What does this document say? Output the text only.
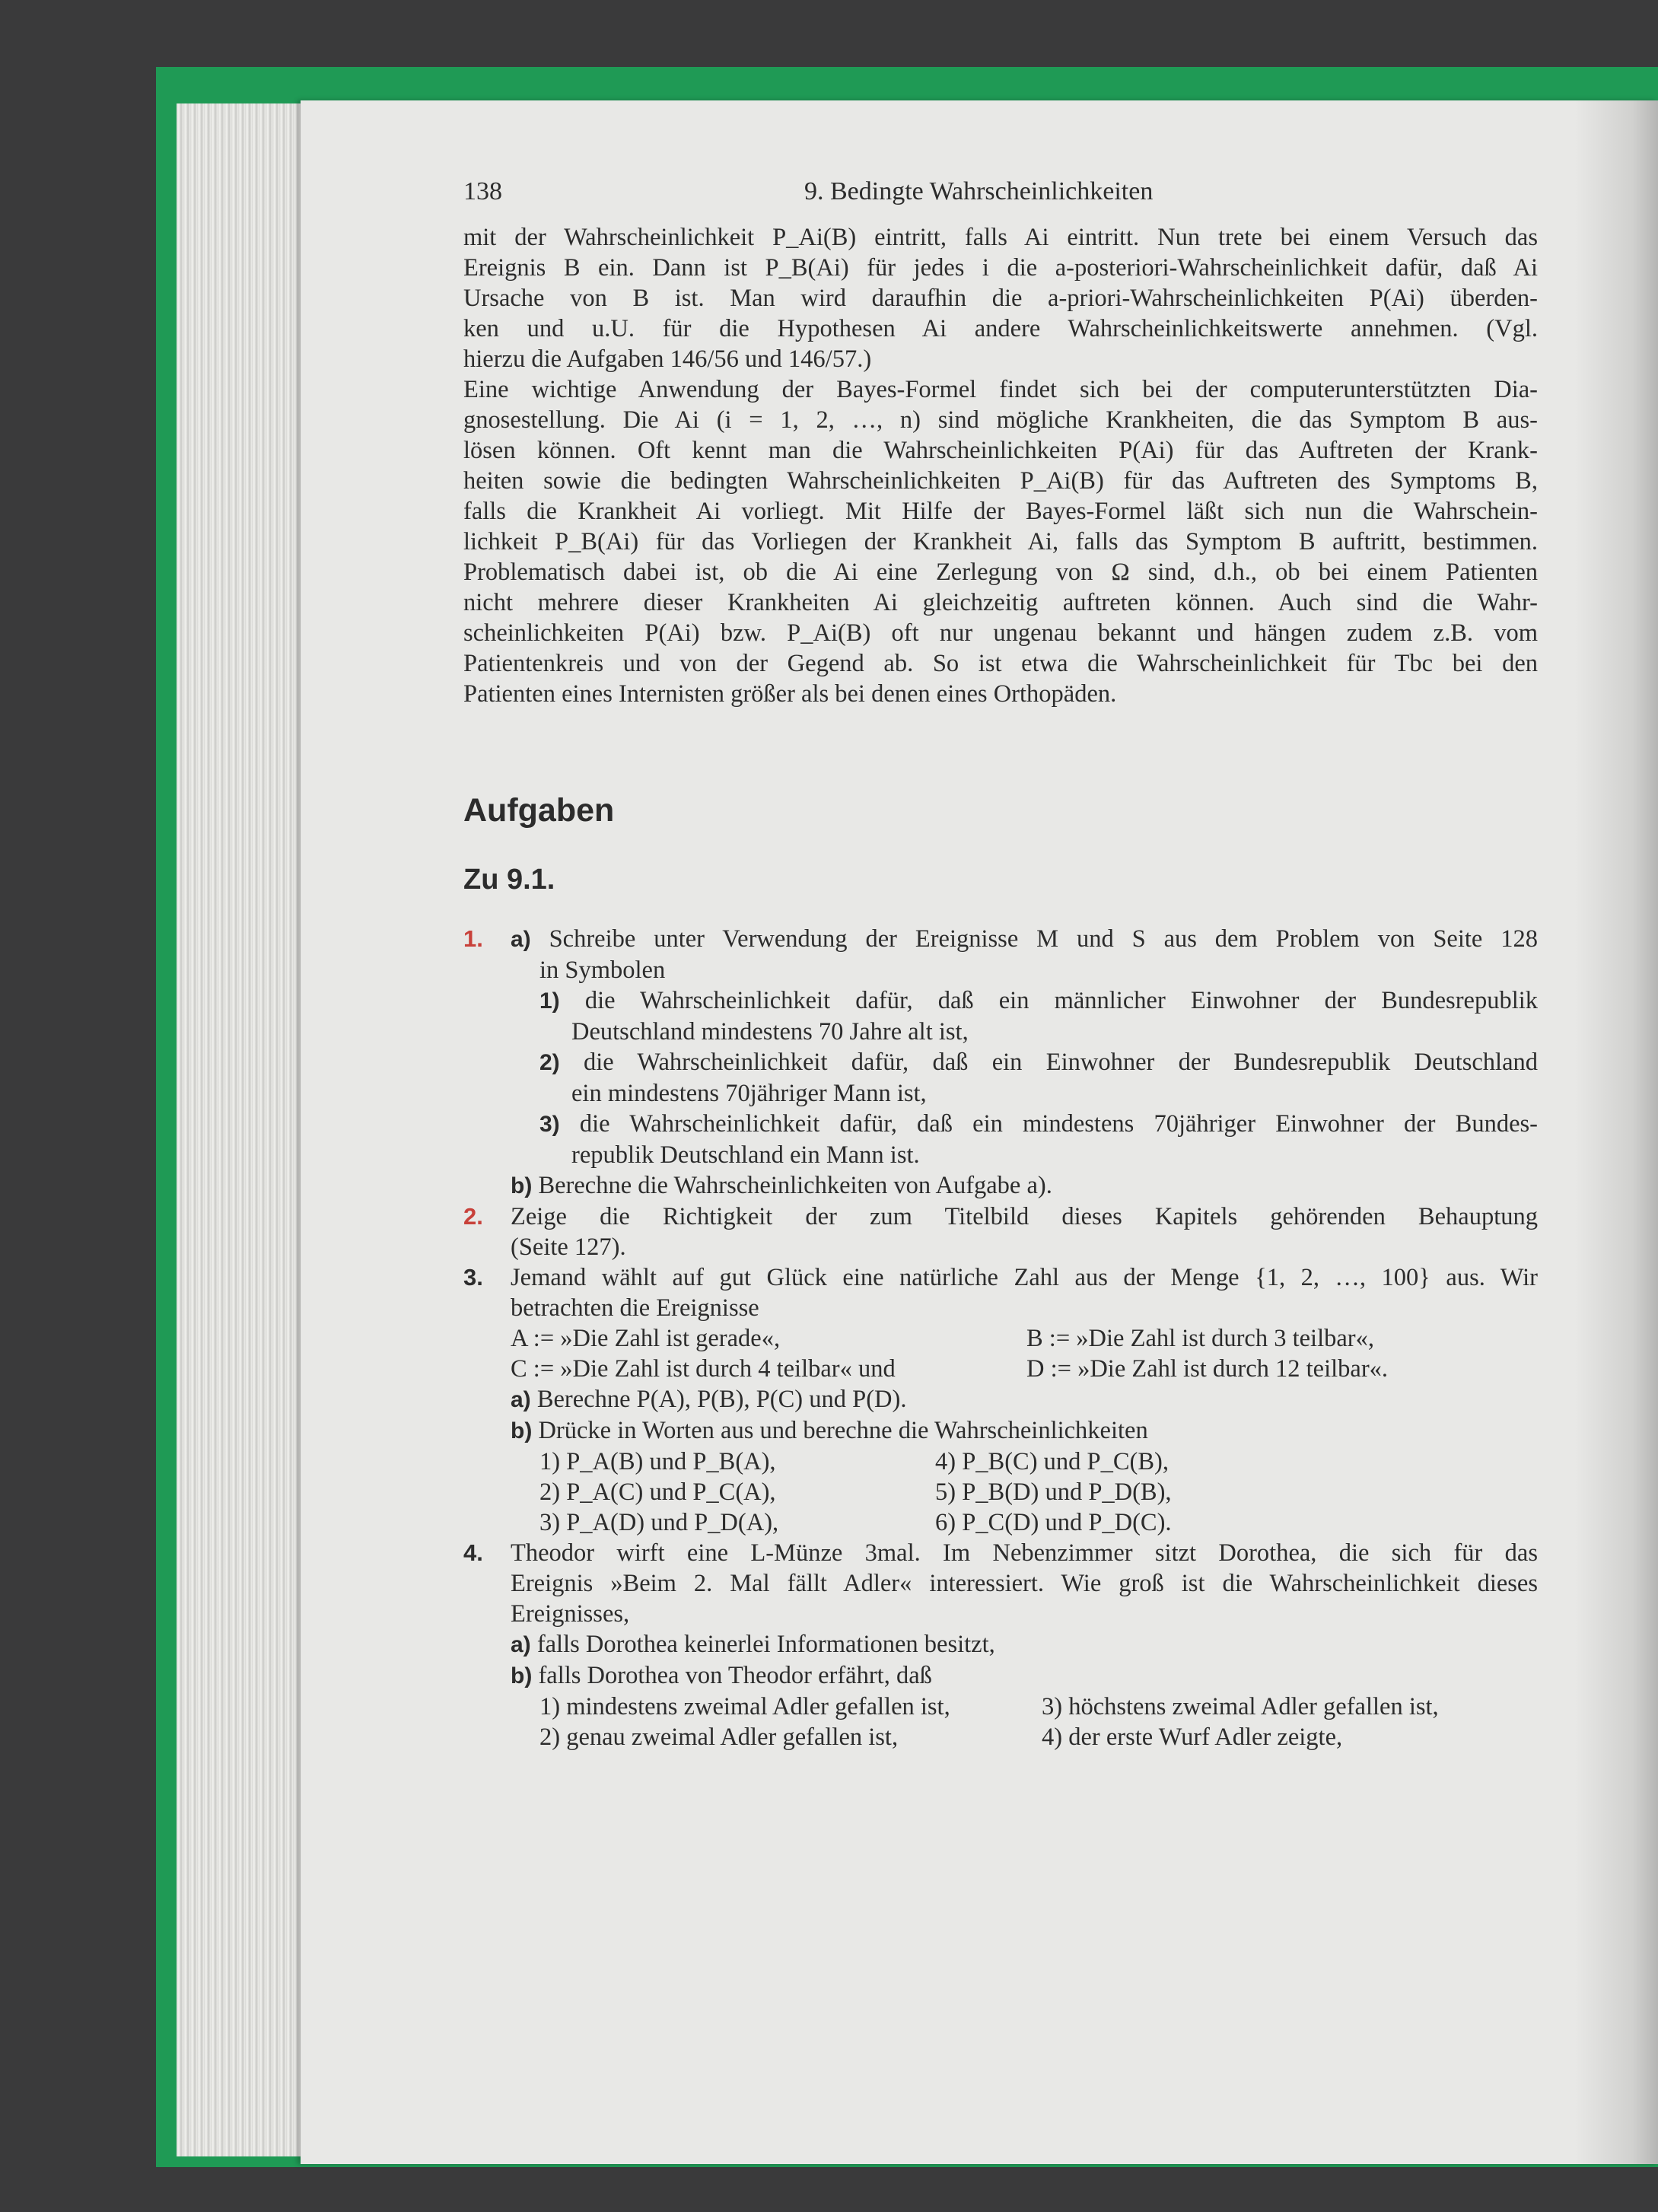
138	9. Bedingte Wahrscheinlichkeiten
mit der Wahrscheinlichkeit P_Ai(B) eintritt, falls Ai eintritt. Nun trete bei einem Versuch das
Ereignis B ein. Dann ist P_B(Ai) für jedes i die a-posteriori-Wahrscheinlichkeit dafür, daß Ai
Ursache von B ist. Man wird daraufhin die a-priori-Wahrscheinlichkeiten P(Ai) überden-
ken und u.U. für die Hypothesen Ai andere Wahrscheinlichkeitswerte annehmen. (Vgl.
hierzu die Aufgaben 146/56 und 146/57.)
Eine wichtige Anwendung der Bayes-Formel findet sich bei der computerunterstützten Dia-
gnosestellung. Die Ai (i = 1, 2, …, n) sind mögliche Krankheiten, die das Symptom B aus-
lösen können. Oft kennt man die Wahrscheinlichkeiten P(Ai) für das Auftreten der Krank-
heiten sowie die bedingten Wahrscheinlichkeiten P_Ai(B) für das Auftreten des Symptoms B,
falls die Krankheit Ai vorliegt. Mit Hilfe der Bayes-Formel läßt sich nun die Wahrschein-
lichkeit P_B(Ai) für das Vorliegen der Krankheit Ai, falls das Symptom B auftritt, bestimmen.
Problematisch dabei ist, ob die Ai eine Zerlegung von Ω sind, d.h., ob bei einem Patienten
nicht mehrere dieser Krankheiten Ai gleichzeitig auftreten können. Auch sind die Wahr-
scheinlichkeiten P(Ai) bzw. P_Ai(B) oft nur ungenau bekannt und hängen zudem z.B. vom
Patientenkreis und von der Gegend ab. So ist etwa die Wahrscheinlichkeit für Tbc bei den
Patienten eines Internisten größer als bei denen eines Orthopäden.
Aufgaben
Zu 9.1.
1. a) Schreibe unter Verwendung der Ereignisse M und S aus dem Problem von Seite 128
in Symbolen
1) die Wahrscheinlichkeit dafür, daß ein männlicher Einwohner der Bundesrepublik
Deutschland mindestens 70 Jahre alt ist,
2) die Wahrscheinlichkeit dafür, daß ein Einwohner der Bundesrepublik Deutschland
ein mindestens 70jähriger Mann ist,
3) die Wahrscheinlichkeit dafür, daß ein mindestens 70jähriger Einwohner der Bundes-
republik Deutschland ein Mann ist.
b) Berechne die Wahrscheinlichkeiten von Aufgabe a).
2. Zeige die Richtigkeit der zum Titelbild dieses Kapitels gehörenden Behauptung
(Seite 127).
3. Jemand wählt auf gut Glück eine natürliche Zahl aus der Menge {1, 2, …, 100} aus. Wir
betrachten die Ereignisse
A := »Die Zahl ist gerade«,	B := »Die Zahl ist durch 3 teilbar«,
C := »Die Zahl ist durch 4 teilbar« und	D := »Die Zahl ist durch 12 teilbar«.
a) Berechne P(A), P(B), P(C) und P(D).
b) Drücke in Worten aus und berechne die Wahrscheinlichkeiten
1) P_A(B) und P_B(A),	4) P_B(C) und P_C(B),
2) P_A(C) und P_C(A),	5) P_B(D) und P_D(B),
3) P_A(D) und P_D(A),	6) P_C(D) und P_D(C).
4. Theodor wirft eine L-Münze 3mal. Im Nebenzimmer sitzt Dorothea, die sich für das
Ereignis »Beim 2. Mal fällt Adler« interessiert. Wie groß ist die Wahrscheinlichkeit dieses
Ereignisses,
a) falls Dorothea keinerlei Informationen besitzt,
b) falls Dorothea von Theodor erfährt, daß
1) mindestens zweimal Adler gefallen ist,	3) höchstens zweimal Adler gefallen ist,
2) genau zweimal Adler gefallen ist,	4) der erste Wurf Adler zeigte,
